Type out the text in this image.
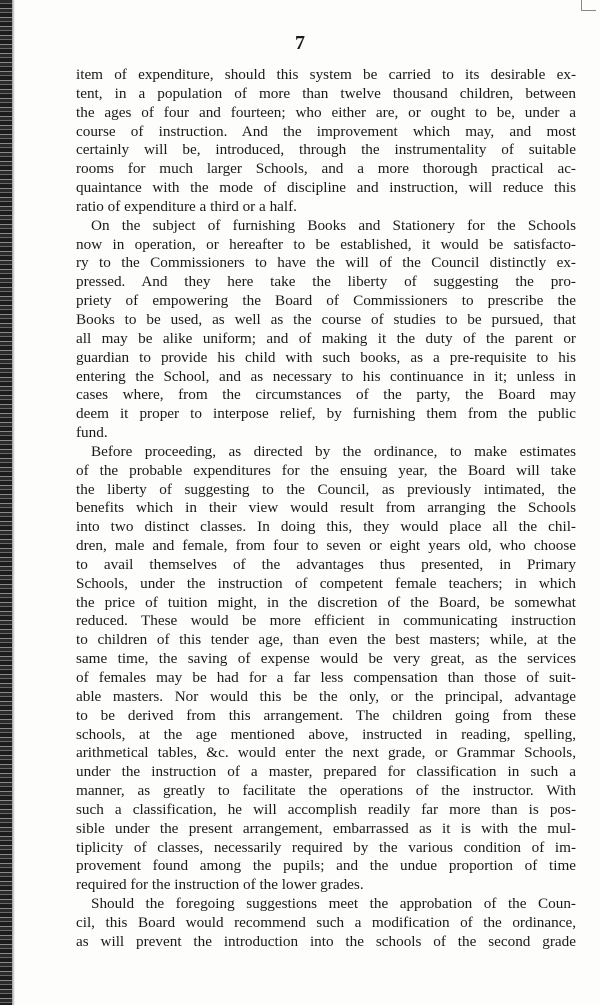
7
item of expenditure, should this system be carried to its desirable ex-
tent, in a population of more than twelve thousand children, between
the ages of four and fourteen; who either are, or ought to be, under a
course of instruction. And the improvement which may, and most
certainly will be, introduced, through the instrumentality of suitable
rooms for much larger Schools, and a more thorough practical ac-
quaintance with the mode of discipline and instruction, will reduce this
ratio of expenditure a third or a half.
On the subject of furnishing Books and Stationery for the Schools
now in operation, or hereafter to be established, it would be satisfacto-
ry to the Commissioners to have the will of the Council distinctly ex-
pressed. And they here take the liberty of suggesting the pro-
priety of empowering the Board of Commissioners to prescribe the
Books to be used, as well as the course of studies to be pursued, that
all may be alike uniform; and of making it the duty of the parent or
guardian to provide his child with such books, as a pre-requisite to his
entering the School, and as necessary to his continuance in it; unless in
cases where, from the circumstances of the party, the Board may
deem it proper to interpose relief, by furnishing them from the public
fund.
Before proceeding, as directed by the ordinance, to make estimates
of the probable expenditures for the ensuing year, the Board will take
the liberty of suggesting to the Council, as previously intimated, the
benefits which in their view would result from arranging the Schools
into two distinct classes. In doing this, they would place all the chil-
dren, male and female, from four to seven or eight years old, who choose
to avail themselves of the advantages thus presented, in Primary
Schools, under the instruction of competent female teachers; in which
the price of tuition might, in the discretion of the Board, be somewhat
reduced. These would be more efficient in communicating instruction
to children of this tender age, than even the best masters; while, at the
same time, the saving of expense would be very great, as the services
of females may be had for a far less compensation than those of suit-
able masters. Nor would this be the only, or the principal, advantage
to be derived from this arrangement. The children going from these
schools, at the age mentioned above, instructed in reading, spelling,
arithmetical tables, &c. would enter the next grade, or Grammar Schools,
under the instruction of a master, prepared for classification in such a
manner, as greatly to facilitate the operations of the instructor. With
such a classification, he will accomplish readily far more than is pos-
sible under the present arrangement, embarrassed as it is with the mul-
tiplicity of classes, necessarily required by the various condition of im-
provement found among the pupils; and the undue proportion of time
required for the instruction of the lower grades.
Should the foregoing suggestions meet the approbation of the Coun-
cil, this Board would recommend such a modification of the ordinance,
as will prevent the introduction into the schools of the second grade
